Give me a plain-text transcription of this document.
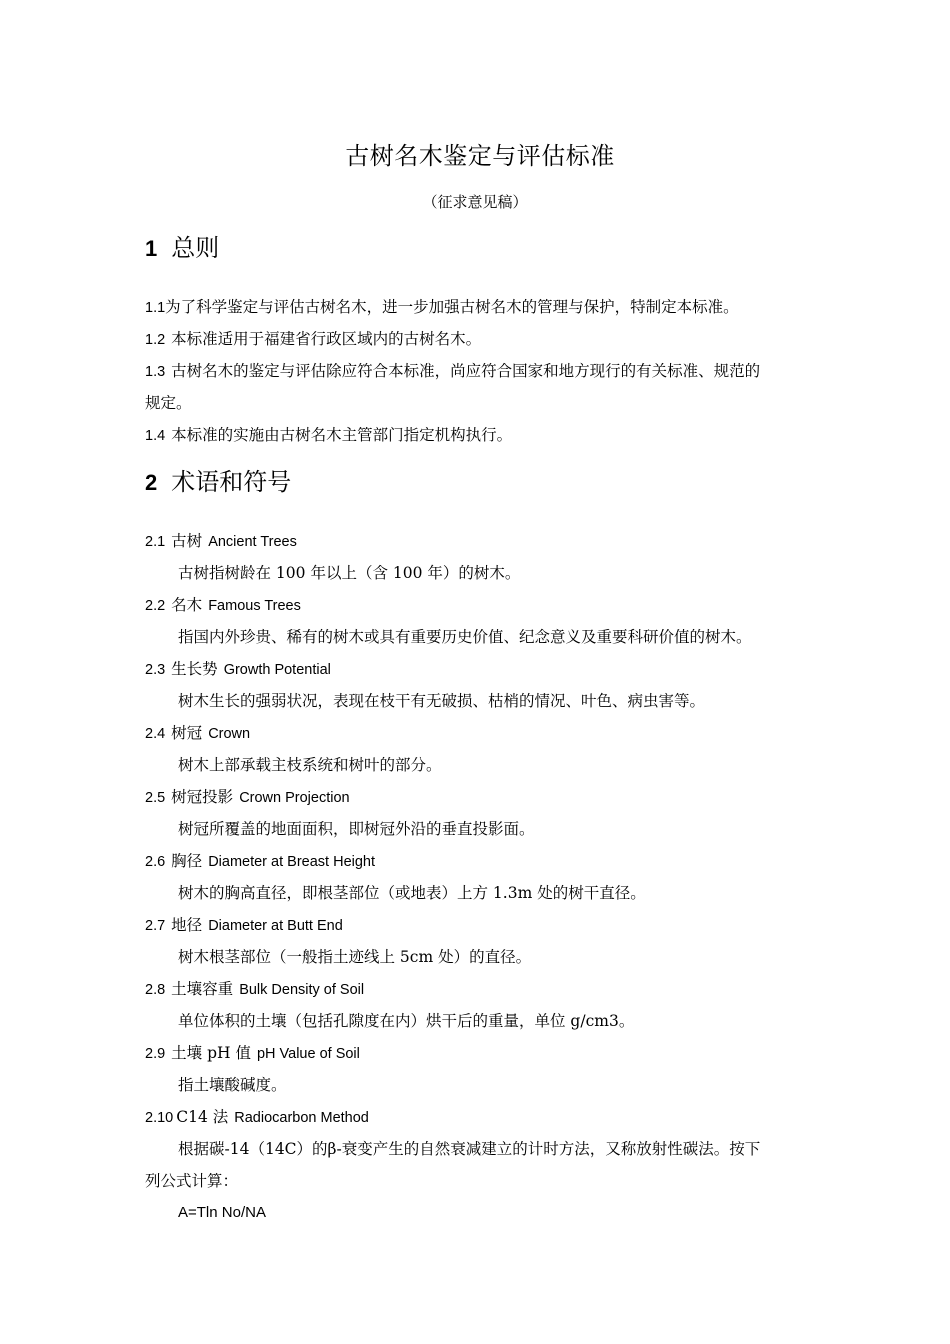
古树名木鉴定与评估标准
（征求意见稿）
1 总则
1.1为了科学鉴定与评估古树名木，进一步加强古树名木的管理与保护，特制定本标准。
1.2 本标准适用于福建省行政区域内的古树名木。
1.3 古树名木的鉴定与评估除应符合本标准，尚应符合国家和地方现行的有关标准、规范的
规定。
1.4 本标准的实施由古树名木主管部门指定机构执行。
2 术语和符号
2.1 古树 Ancient Trees
古树指树龄在 100 年以上（含 100 年）的树木。
2.2 名木 Famous Trees
指国内外珍贵、稀有的树木或具有重要历史价值、纪念意义及重要科研价值的树木。
2.3 生长势 Growth Potential
树木生长的强弱状况，表现在枝干有无破损、枯梢的情况、叶色、病虫害等。
2.4 树冠 Crown
树木上部承载主枝系统和树叶的部分。
2.5 树冠投影 Crown Projection
树冠所覆盖的地面面积，即树冠外沿的垂直投影面。
2.6 胸径 Diameter at Breast Height
树木的胸高直径，即根茎部位（或地表）上方 1.3m 处的树干直径。
2.7 地径 Diameter at Butt End
树木根茎部位（一般指土迹线上 5cm 处）的直径。
2.8 土壤容重 Bulk Density of Soil
单位体积的土壤（包括孔隙度在内）烘干后的重量，单位 g/cm3。
2.9 土壤 pH 值 pH Value of Soil
指土壤酸碱度。
2.10 C14 法 Radiocarbon Method
根据碳-14（14C）的β-衰变产生的自然衰减建立的计时方法，又称放射性碳法。按下
列公式计算：
A=Tln No/NA
